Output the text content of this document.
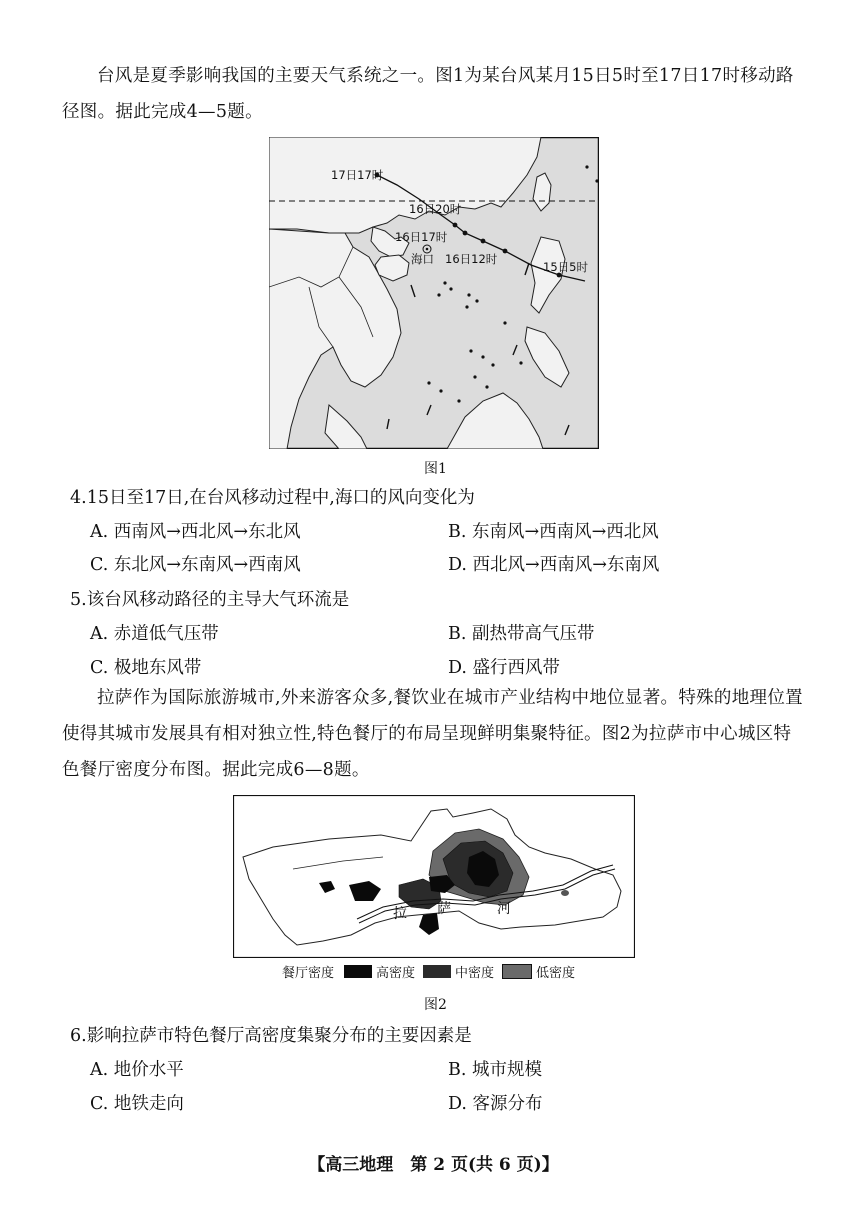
台风是夏季影响我国的主要天气系统之一。图1为某台风某月15日5时至17日17时移动路径图。据此完成4—5题。
17日17时
16日20时
16日17时
海口 16日12时
15日5时
图1
4.15日至17日,在台风移动过程中,海口的风向变化为
A. 西南风→西北风→东北风	B. 东南风→西南风→西北风
C. 东北风→东南风→西南风	D. 西北风→西南风→东南风
5.该台风移动路径的主导大气环流是
A. 赤道低气压带	B. 副热带高气压带
C. 极地东风带	D. 盛行西风带
拉萨作为国际旅游城市,外来游客众多,餐饮业在城市产业结构中地位显著。特殊的地理位置使得其城市发展具有相对独立性,特色餐厅的布局呈现鲜明集聚特征。图2为拉萨市中心城区特色餐厅密度分布图。据此完成6—8题。
拉 萨	河
餐厅密度	高密度	中密度	低密度
图2
6.影响拉萨市特色餐厅高密度集聚分布的主要因素是
A. 地价水平	B. 城市规模
C. 地铁走向	D. 客源分布
【高三地理　第 2 页(共 6 页)】
